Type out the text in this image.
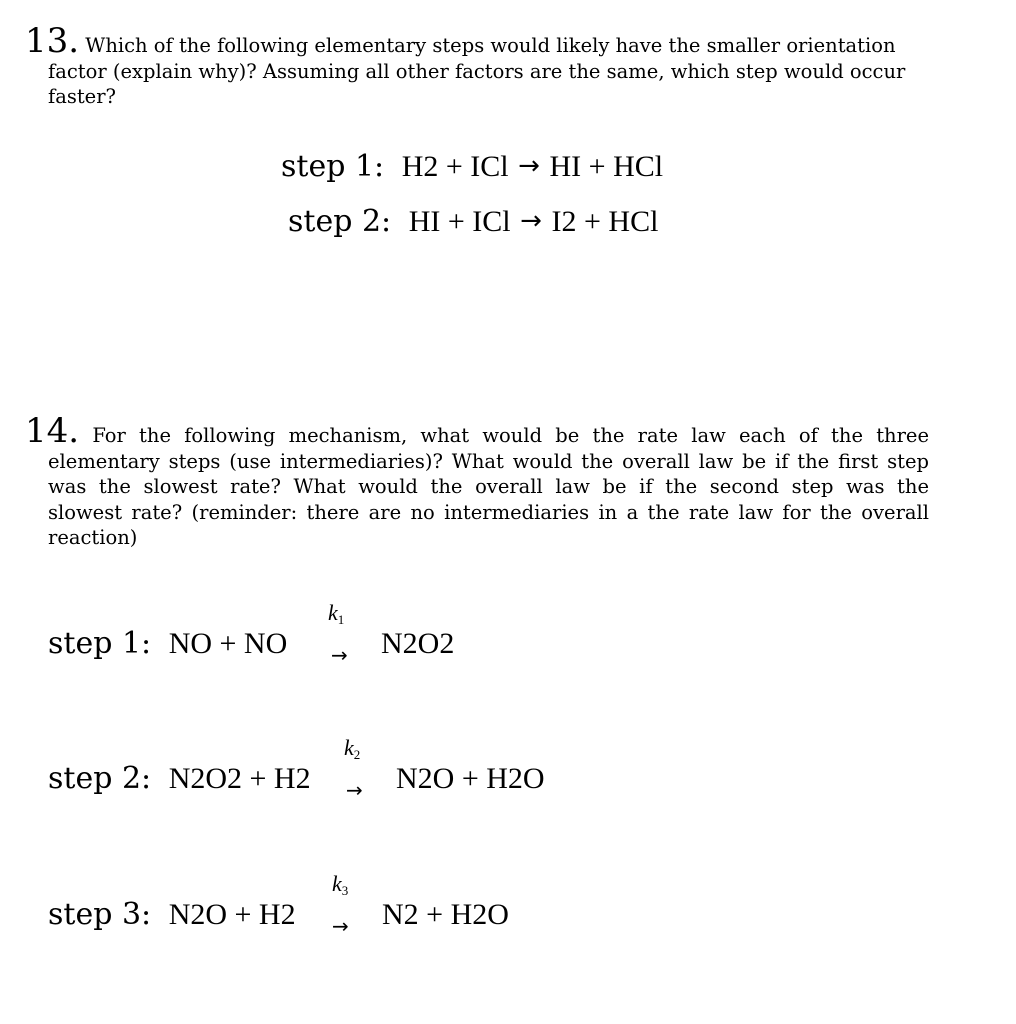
13. Which of the following elementary steps would likely have the smaller orientation
factor (explain why)? Assuming all other factors are the same, which step would occur
faster?
step 1: H2 + ICl → HI + HCl
step 2: HI + ICl → I2 + HCl
14. For the following mechanism, what would be the rate law each of the three
elementary steps (use intermediaries)? What would the overall law be if the first step
was the slowest rate? What would the overall law be if the second step was the
slowest rate? (reminder: there are no intermediaries in a the rate law for the overall
reaction)
step 1: NO + NO
$k_1$
→ N2O2
step 2: N2O2 + H2
$k_2$
→ N2O + H2O
step 3: N2O + H2
$k_3$
→ N2 + H2O
